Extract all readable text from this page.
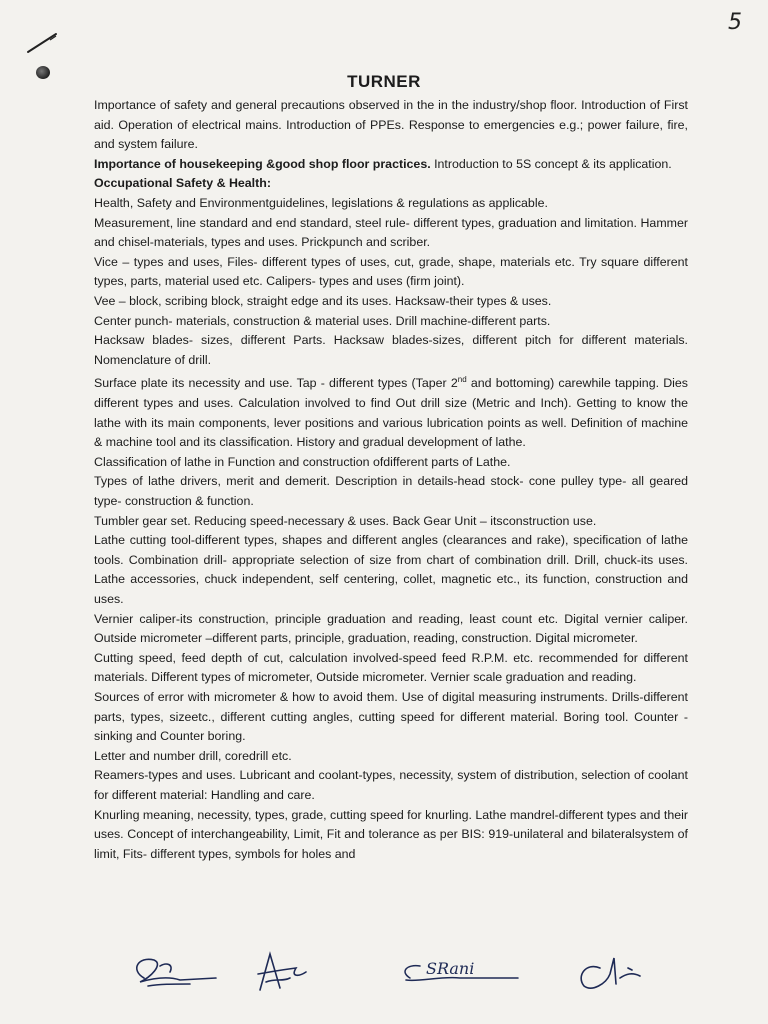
5
TURNER

Importance of safety and general precautions observed in the in the industry/shop floor. Introduction of First aid. Operation of electrical mains. Introduction of PPEs. Response to emergencies e.g.; power failure, fire, and system failure.

Importance of housekeeping &good shop floor practices. Introduction to 5S concept & its application.

Occupational Safety & Health:

Health, Safety and Environmentguidelines, legislations & regulations as applicable.

Measurement, line standard and end standard, steel rule- different types, graduation and limitation. Hammer and chisel-materials, types and uses. Prickpunch and scriber.

Vice – types and uses, Files- different types of uses, cut, grade, shape, materials etc. Try square different types, parts, material used etc. Calipers- types and uses (firm joint).

Vee – block, scribing block, straight edge and its uses. Hacksaw-their types & uses.

Center punch- materials, construction & material uses. Drill machine-different parts.

Hacksaw blades- sizes, different Parts. Hacksaw blades-sizes, different pitch for different materials. Nomenclature of drill.

Surface plate its necessity and use. Tap - different types (Taper 2nd and bottoming) carewhile tapping. Dies different types and uses. Calculation involved to find Out drill size (Metric and Inch). Getting to know the lathe with its main components, lever positions and various lubrication points as well. Definition of machine & machine tool and its classification. History and gradual development of lathe.

Classification of lathe in Function and construction ofdifferent parts of Lathe.

Types of lathe drivers, merit and demerit. Description in details-head stock- cone pulley type- all geared type- construction & function.

Tumbler gear set. Reducing speed-necessary & uses. Back Gear Unit – itsconstruction use.

Lathe cutting tool-different types, shapes and different angles (clearances and rake), specification of lathe tools. Combination drill- appropriate selection of size from chart of combination drill. Drill, chuck-its uses. Lathe accessories, chuck independent, self centering, collet, magnetic etc., its function, construction and uses.

Vernier caliper-its construction, principle graduation and reading, least count etc. Digital vernier caliper. Outside micrometer –different parts, principle, graduation, reading, construction. Digital micrometer.

Cutting speed, feed depth of cut, calculation involved-speed feed R.P.M. etc. recommended for different materials. Different types of micrometer, Outside micrometer. Vernier scale graduation and reading.

Sources of error with micrometer & how to avoid them. Use of digital measuring instruments. Drills-different parts, types, sizeetc., different cutting angles, cutting speed for different material. Boring tool. Counter -sinking and Counter boring.

Letter and number drill, coredrill etc.

Reamers-types and uses. Lubricant and coolant-types, necessity, system of distribution, selection of coolant for different material: Handling and care.

Knurling meaning, necessity, types, grade, cutting speed for knurling. Lathe mandrel-different types and their uses. Concept of interchangeability, Limit, Fit and tolerance as per BIS: 919-unilateral and bilateralsystem of limit, Fits- different types, symbols for holes and

SRani
